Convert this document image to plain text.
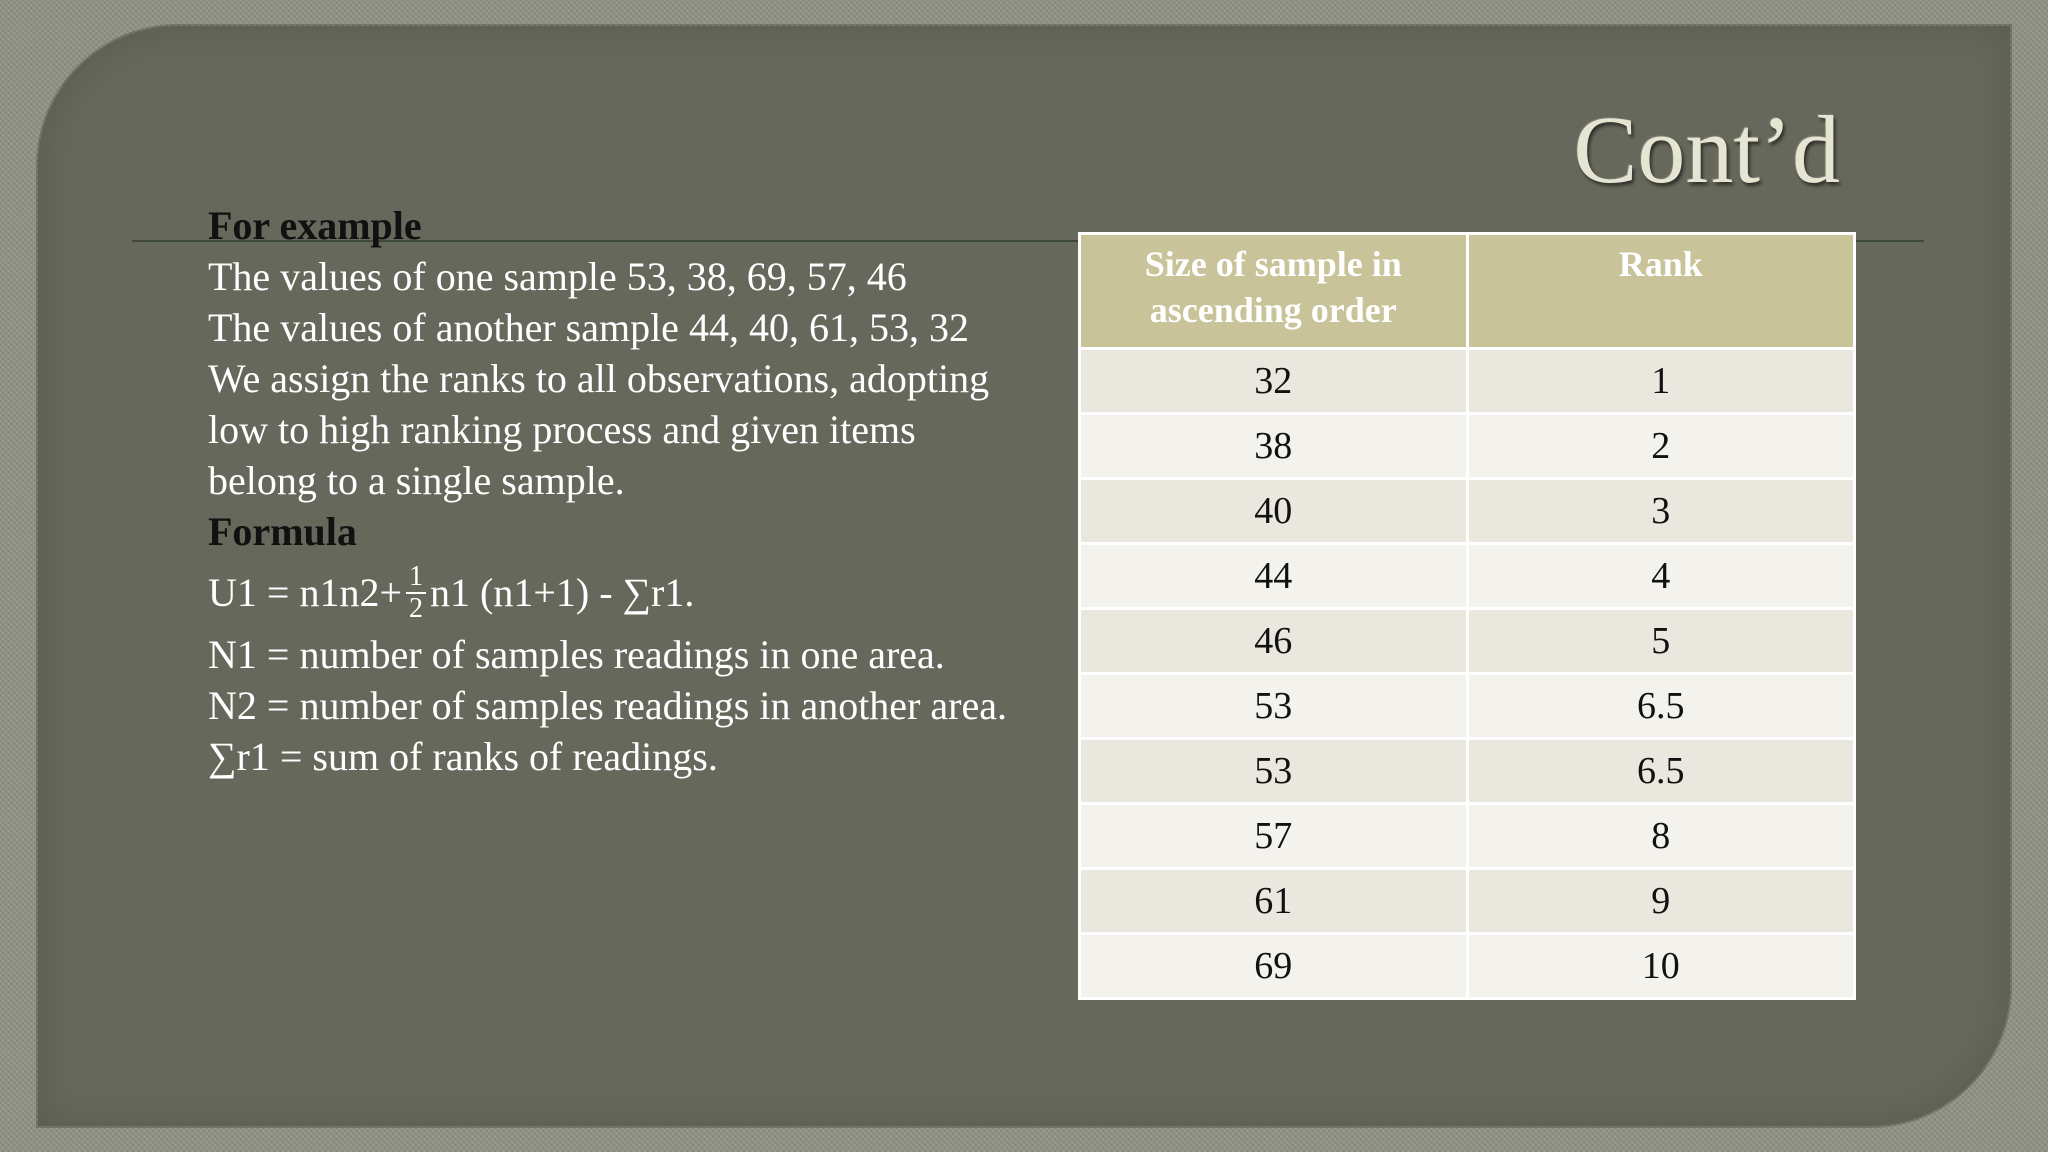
Cont’d
For example
The values of one sample 53, 38, 69, 57, 46
The values of another sample 44, 40, 61, 53, 32
We assign the ranks to all observations, adopting
low to high ranking process and given items
belong to a single sample.
Formula
$U1 = n1n2+ \frac{1}{2} n1$ (n1+1) - ∑r1.
N1 = number of samples readings in one area.
N2 = number of samples readings in another area.
∑r1 = sum of ranks of readings.
Size of sample in ascending order	Rank
32	1
38	2
40	3
44	4
46	5
53	6.5
53	6.5
57	8
61	9
69	10
